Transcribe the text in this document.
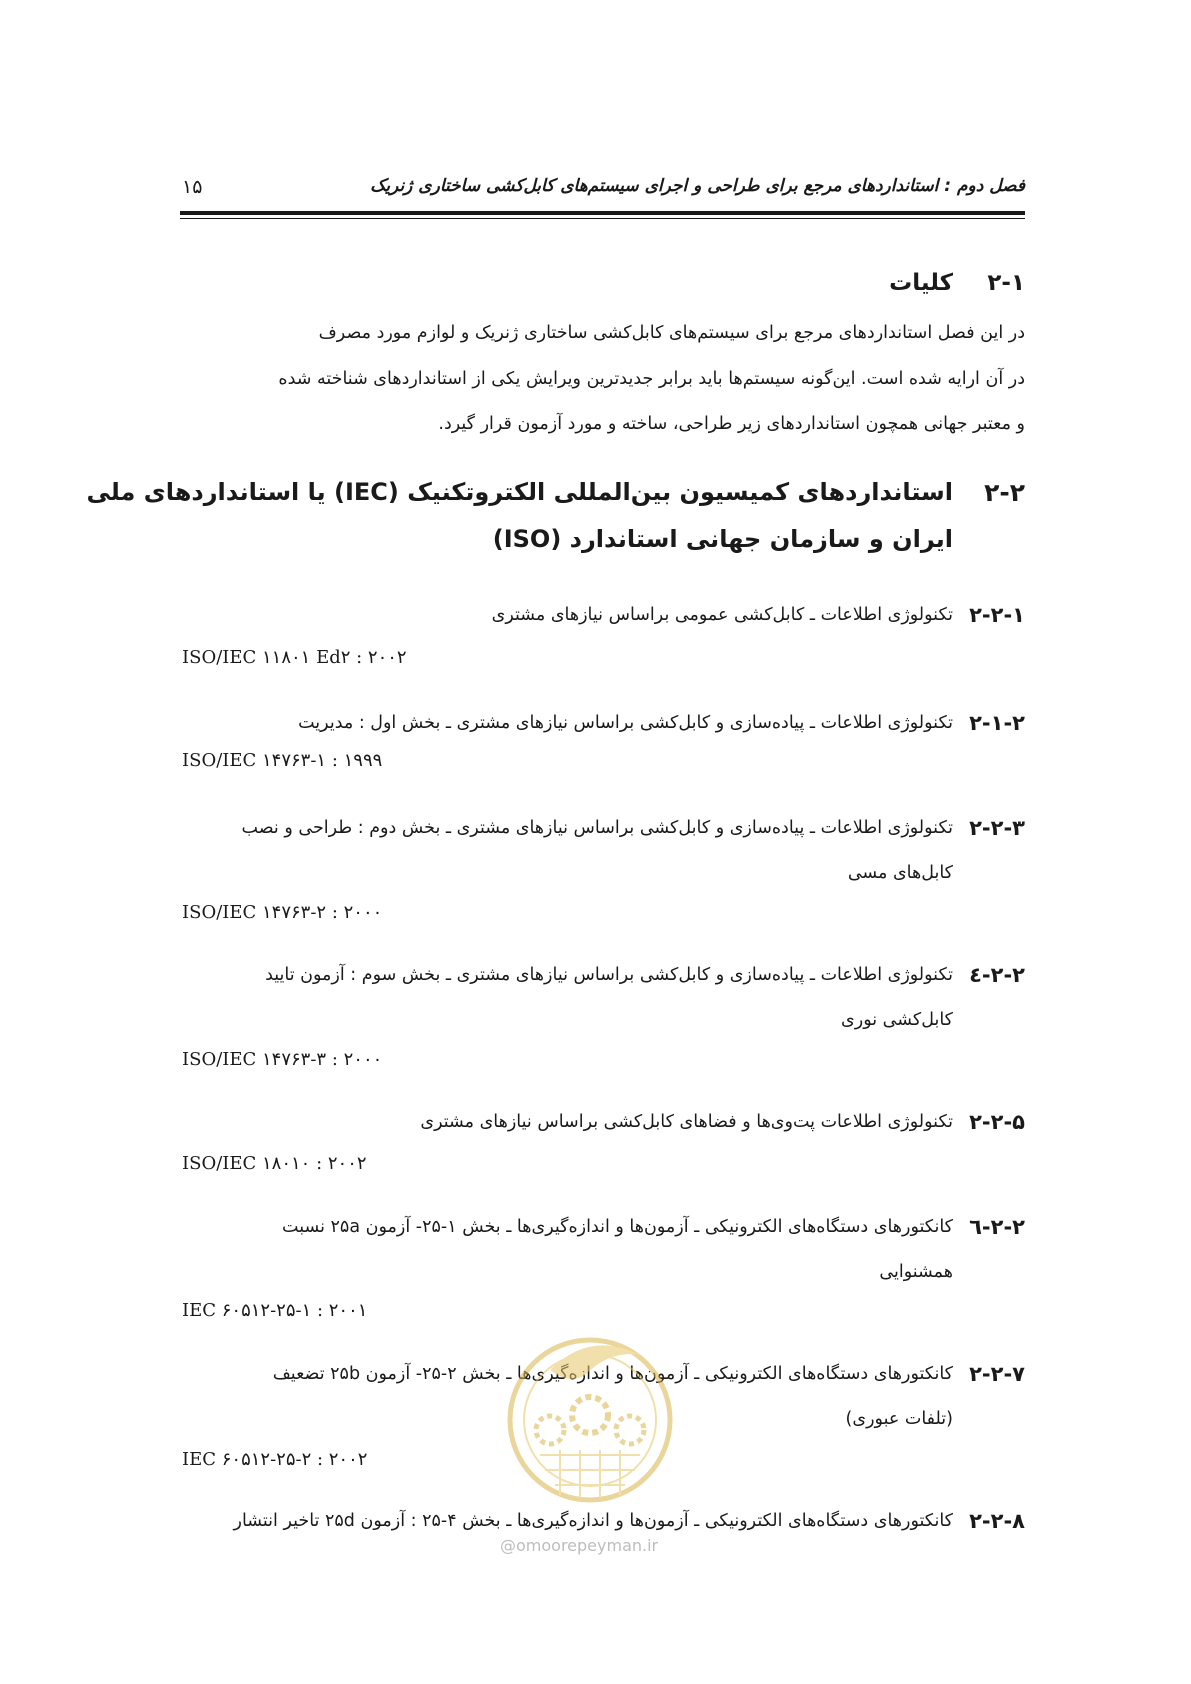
۱۵	فصل دوم : استانداردهای مرجع برای طراحی و اجرای سیستم‌های کابل‌کشی ساختاری ژنریک
۲-۱
کلیات
در این فصل استانداردهای مرجع برای سیستم‌های کابل‌کشی ساختاری ژنریک و لوازم مورد مصرف
در آن ارایه شده است. این‌گونه سیستم‌ها باید برابر جدیدترین ویرایش یکی از استانداردهای شناخته شده
و معتبر جهانی همچون استانداردهای زیر طراحی، ساخته و مورد آزمون قرار گیرد.
۲-۲
استانداردهای کمیسیون بین‌المللی الکتروتکنیک (IEC) یا استانداردهای ملی
ایران و سازمان جهانی استاندارد (ISO)
۲-۲-۱
تکنولوژی اطلاعات ـ کابل‌کشی عمومی براساس نیازهای مشتری
ISO/IEC ۱۱۸۰۱ Ed۲ : ۲۰۰۲
۲-۱-۲
تکنولوژی اطلاعات ـ پیاده‌سازی و کابل‌کشی براساس نیازهای مشتری ـ بخش اول : مدیریت
ISO/IEC ۱۴۷۶۳-۱ : ۱۹۹۹
۲-۲-۳
تکنولوژی اطلاعات ـ پیاده‌سازی و کابل‌کشی براساس نیازهای مشتری ـ بخش دوم : طراحی و نصب
کابل‌های مسی
ISO/IEC ۱۴۷۶۳-۲ : ۲۰۰۰
۲-۲-٤
تکنولوژی اطلاعات ـ پیاده‌سازی و کابل‌کشی براساس نیازهای مشتری ـ بخش سوم : آزمون تایید
کابل‌کشی نوری
ISO/IEC ۱۴۷۶۳-۳ : ۲۰۰۰
۲-۲-۵
تکنولوژی اطلاعات پت‌وی‌ها و فضاهای کابل‌کشی براساس نیازهای مشتری
ISO/IEC ۱۸۰۱۰ : ۲۰۰۲
۲-۲-٦
کانکتورهای دستگاه‌های الکترونیکی ـ آزمون‌ها و اندازه‌گیری‌ها ـ بخش ۱-۲۵- آزمون ۲۵a نسبت
همشنوایی
IEC ۶۰۵۱۲-۲۵-۱ : ۲۰۰۱
۲-۲-۷
کانکتورهای دستگاه‌های الکترونیکی ـ آزمون‌ها و اندازه‌گیری‌ها ـ بخش ۲-۲۵- آزمون ۲۵b تضعیف
(تلفات عبوری)
IEC ۶۰۵۱۲-۲۵-۲ : ۲۰۰۲
۲-۲-۸
کانکتورهای دستگاه‌های الکترونیکی ـ آزمون‌ها و اندازه‌گیری‌ها ـ بخش ۴-۲۵ : آزمون ۲۵d تاخیر انتشار
@omoorepeyman.ir
